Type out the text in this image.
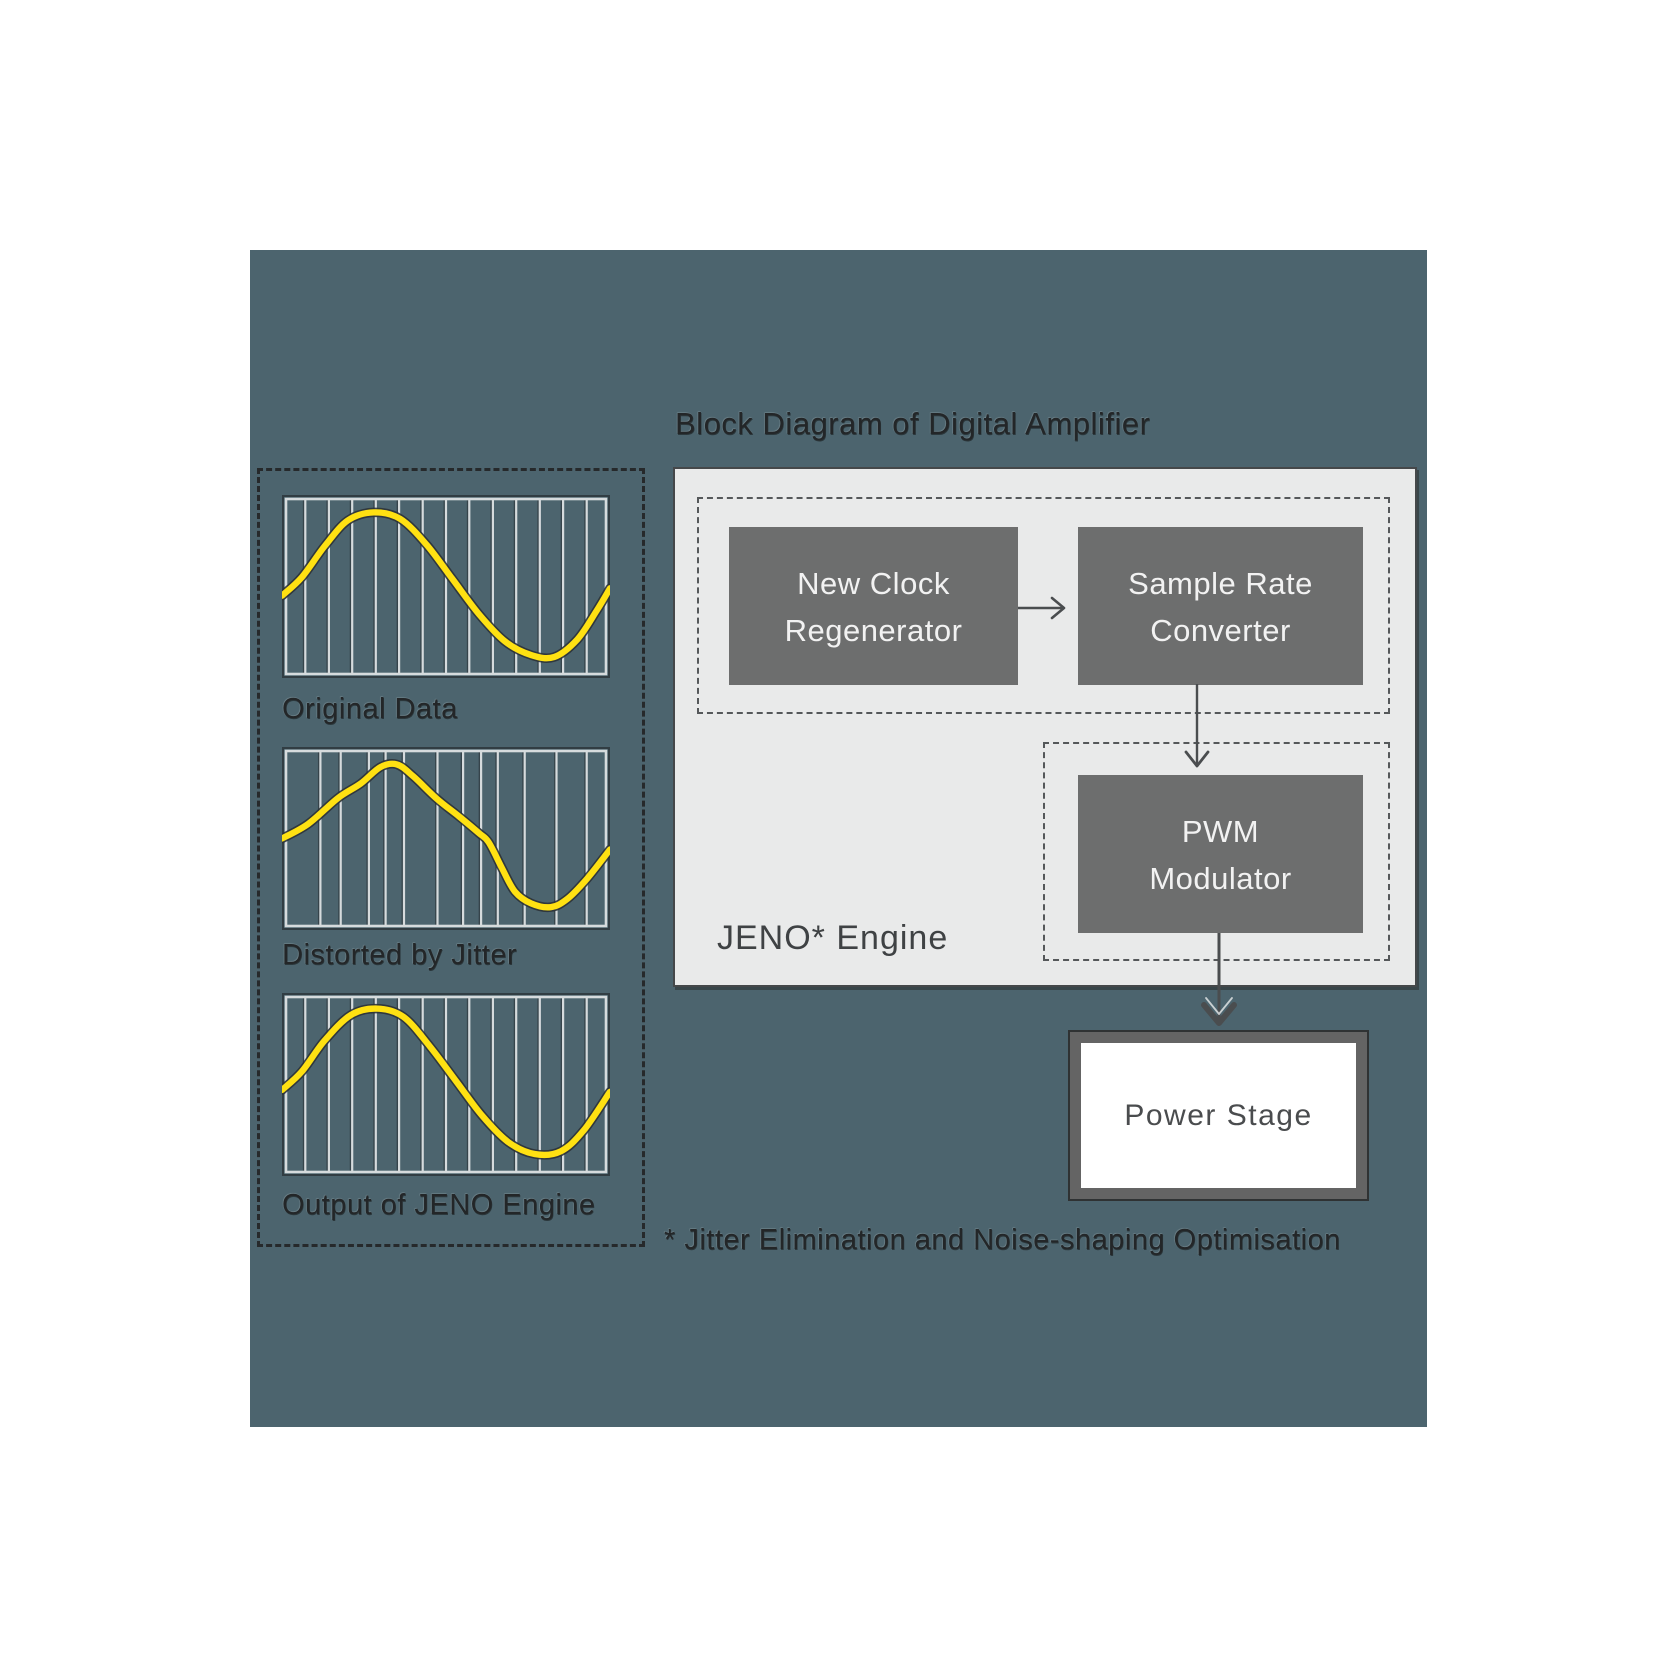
Block Diagram of Digital Amplifier
Original Data
Distorted by Jitter
Output of JENO Engine
New Clock
Regenerator
Sample Rate
Converter
PWM
Modulator
JENO* Engine
Power Stage
* Jitter Elimination and Noise-shaping Optimisation
